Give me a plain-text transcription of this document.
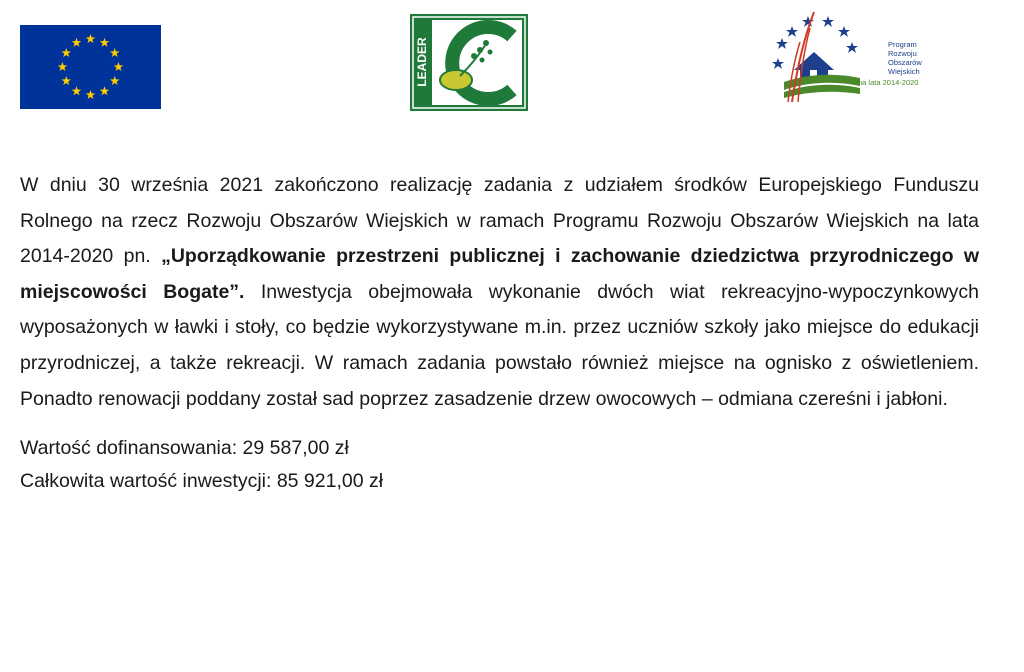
LEADER	Program
Rozwoju
Obszarów
Wiejskich
na lata 2014-2020

W dniu 30 września 2021 zakończono realizację zadania z udziałem środków Europejskiego Funduszu Rolnego na rzecz Rozwoju Obszarów Wiejskich w ramach Programu Rozwoju Obszarów Wiejskich na lata 2014-2020 pn. „Uporządkowanie przestrzeni publicznej i zachowanie dziedzictwa przyrodniczego w miejscowości Bogate”. Inwestycja obejmowała wykonanie dwóch wiat rekreacyjno-wypoczynkowych wyposażonych w ławki i stoły, co będzie wykorzystywane m.in. przez uczniów szkoły jako miejsce do edukacji przyrodniczej, a także rekreacji. W ramach zadania powstało również miejsce na ognisko z oświetleniem. Ponadto renowacji poddany został sad poprzez zasadzenie drzew owocowych – odmiana czereśni i jabłoni.

Wartość dofinansowania: 29 587,00 zł
Całkowita wartość inwestycji: 85 921,00 zł
